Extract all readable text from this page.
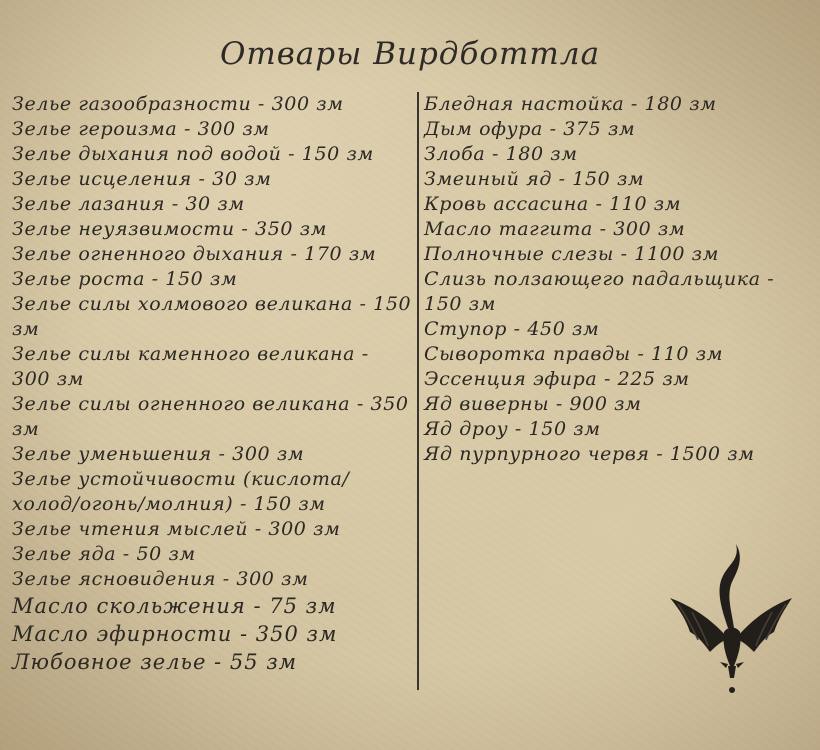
Отвары Вирдботтла
Зелье газообразности - 300 зм
Зелье героизма - 300 зм
Зелье дыхания под водой - 150 зм
Зелье исцеления - 30 зм
Зелье лазания - 30 зм
Зелье неуязвимости - 350 зм
Зелье огненного дыхания - 170 зм
Зелье роста - 150 зм
Зелье силы холмового великана - 150 зм
Зелье силы каменного великана - 300 зм
Зелье силы огненного великана - 350 зм
Зелье уменьшения - 300 зм
Зелье устойчивости (кислота/холод/огонь/молния) - 150 зм
Зелье чтения мыслей - 300 зм
Зелье яда - 50 зм
Зелье ясновидения - 300 зм
Масло скольжения - 75 зм
Масло эфирности - 350 зм
Любовное зелье - 55 зм
Бледная настойка - 180 зм
Дым офура - 375 зм
Злоба - 180 зм
Змеиный яд - 150 зм
Кровь ассасина - 110 зм
Масло таггита - 300 зм
Полночные слезы - 1100 зм
Слизь ползающего падальщика - 150 зм
Ступор - 450 зм
Сыворотка правды - 110 зм
Эссенция эфира - 225 зм
Яд виверны - 900 зм
Яд дроу - 150 зм
Яд пурпурного червя - 1500 зм
